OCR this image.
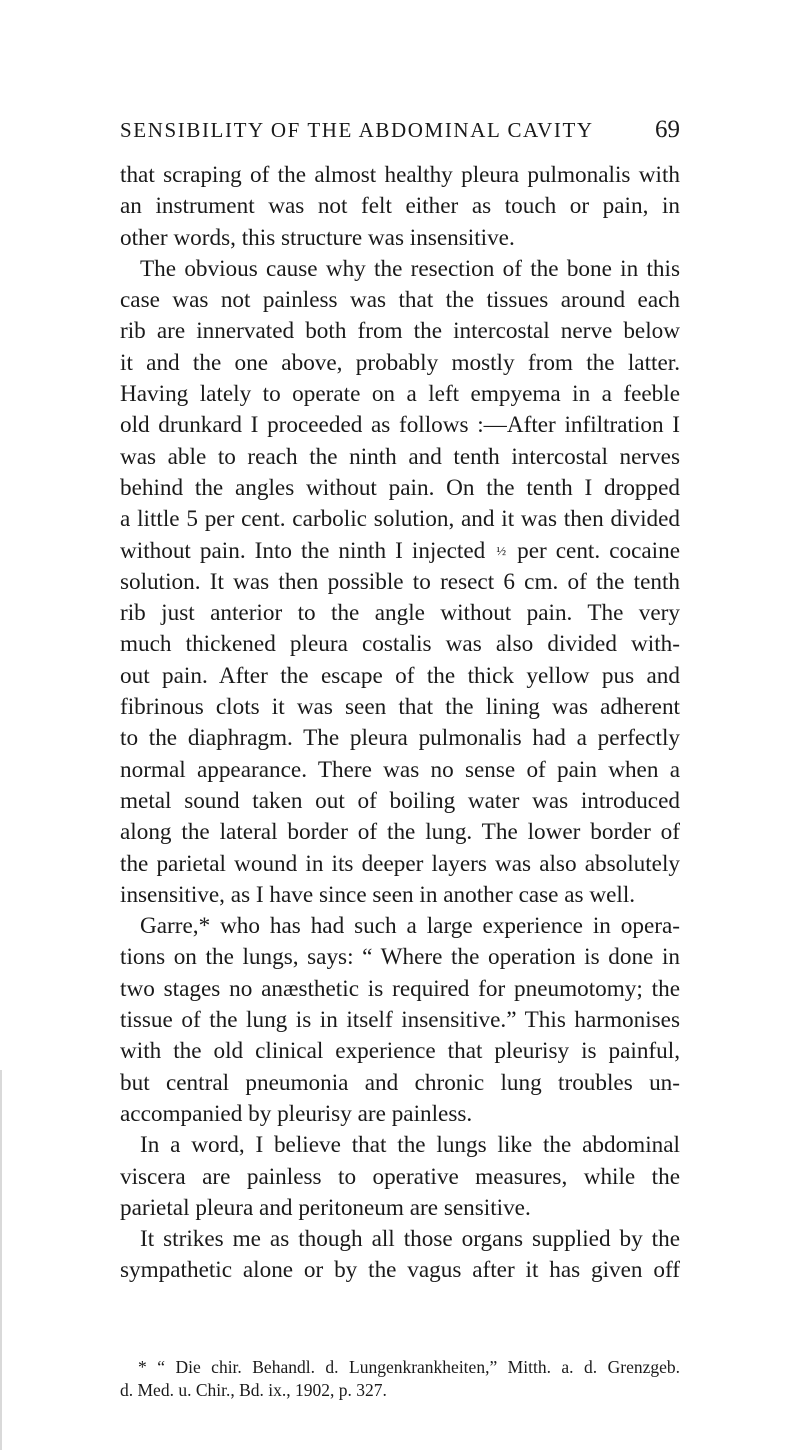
SENSIBILITY OF THE ABDOMINAL CAVITY 69
that scraping of the almost healthy pleura pulmonalis with
an instrument was not felt either as touch or pain, in
other words, this structure was insensitive.
The obvious cause why the resection of the bone in this
case was not painless was that the tissues around each
rib are innervated both from the intercostal nerve below
it and the one above, probably mostly from the latter.
Having lately to operate on a left empyema in a feeble
old drunkard I proceeded as follows :—After infiltration I
was able to reach the ninth and tenth intercostal nerves
behind the angles without pain. On the tenth I dropped
a little 5 per cent. carbolic solution, and it was then divided
without pain. Into the ninth I injected ½ per cent. cocaine
solution. It was then possible to resect 6 cm. of the tenth
rib just anterior to the angle without pain. The very
much thickened pleura costalis was also divided with-
out pain. After the escape of the thick yellow pus and
fibrinous clots it was seen that the lining was adherent
to the diaphragm. The pleura pulmonalis had a perfectly
normal appearance. There was no sense of pain when a
metal sound taken out of boiling water was introduced
along the lateral border of the lung. The lower border of
the parietal wound in its deeper layers was also absolutely
insensitive, as I have since seen in another case as well.
Garre,* who has had such a large experience in opera-
tions on the lungs, says: “ Where the operation is done in
two stages no anæsthetic is required for pneumotomy; the
tissue of the lung is in itself insensitive.” This harmonises
with the old clinical experience that pleurisy is painful,
but central pneumonia and chronic lung troubles un-
accompanied by pleurisy are painless.
In a word, I believe that the lungs like the abdominal
viscera are painless to operative measures, while the
parietal pleura and peritoneum are sensitive.
It strikes me as though all those organs supplied by the
sympathetic alone or by the vagus after it has given off
* “ Die chir. Behandl. d. Lungenkrankheiten,” Mitth. a. d. Grenzgeb.
d. Med. u. Chir., Bd. ix., 1902, p. 327.
